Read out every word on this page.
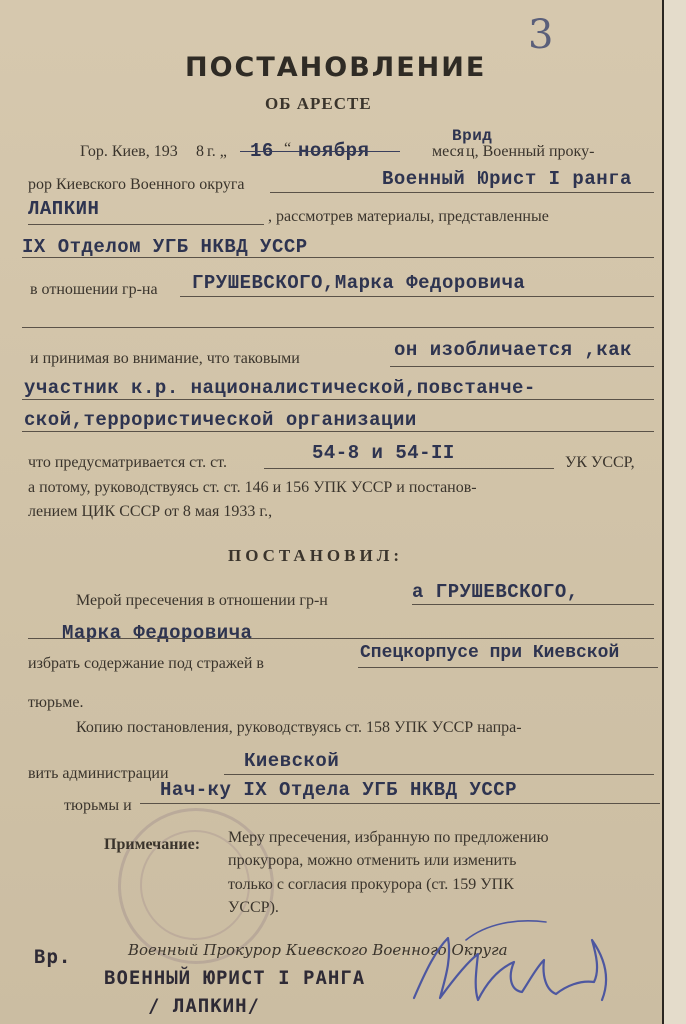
3
ПОСТАНОВЛЕНИЕ
ОБ АРЕСТЕ
Гор. Киев, 193 8 г. „ 16 “ ноября	меся
Врид
ц, Военный проку-
рор Киевского Военного округа	Военный Юрист I ранга
ЛАПКИН	, рассмотрев материалы, представленные
IX Отделом УГБ НКВД УССР
в отношении гр-на ГРУШЕВСКОГО,Марка Федоровича
и принимая во внимание, что таковыми	он изобличается ,как
участник к.р. националистической,повстанче-
ской,террористической организации
что предусматривается ст. ст.	54-8 и 54-II	УК УССР,
а потому, руководствуясь ст. ст. 146 и 156 УПК УССР и постанов-
лением ЦИК СССР от 8 мая 1933 г.,
ПОСТАНОВИЛ:
Мерой пресечения в отношении гр-н	а ГРУШЕВСКОГО,
Марка Федоровича
избрать содержание под стражей в
Спецкорпусе при Киевской
тюрьме.
Копию постановления, руководствуясь ст. 158 УПК УССР напра-
вить администрации
Киевской
тюрьмы и
Нач-ку IX Отдела УГБ НКВД УССР
Примечание: Меру пресечения, избранную по предложению
прокурора, можно отменить или изменить
только с согласия прокурора (ст. 159 УПК
УССР).
Вр.	Военный Прокурор Киевского Военного Округа
ВОЕННЫЙ ЮРИСТ I РАНГА
/ ЛАПКИН/
